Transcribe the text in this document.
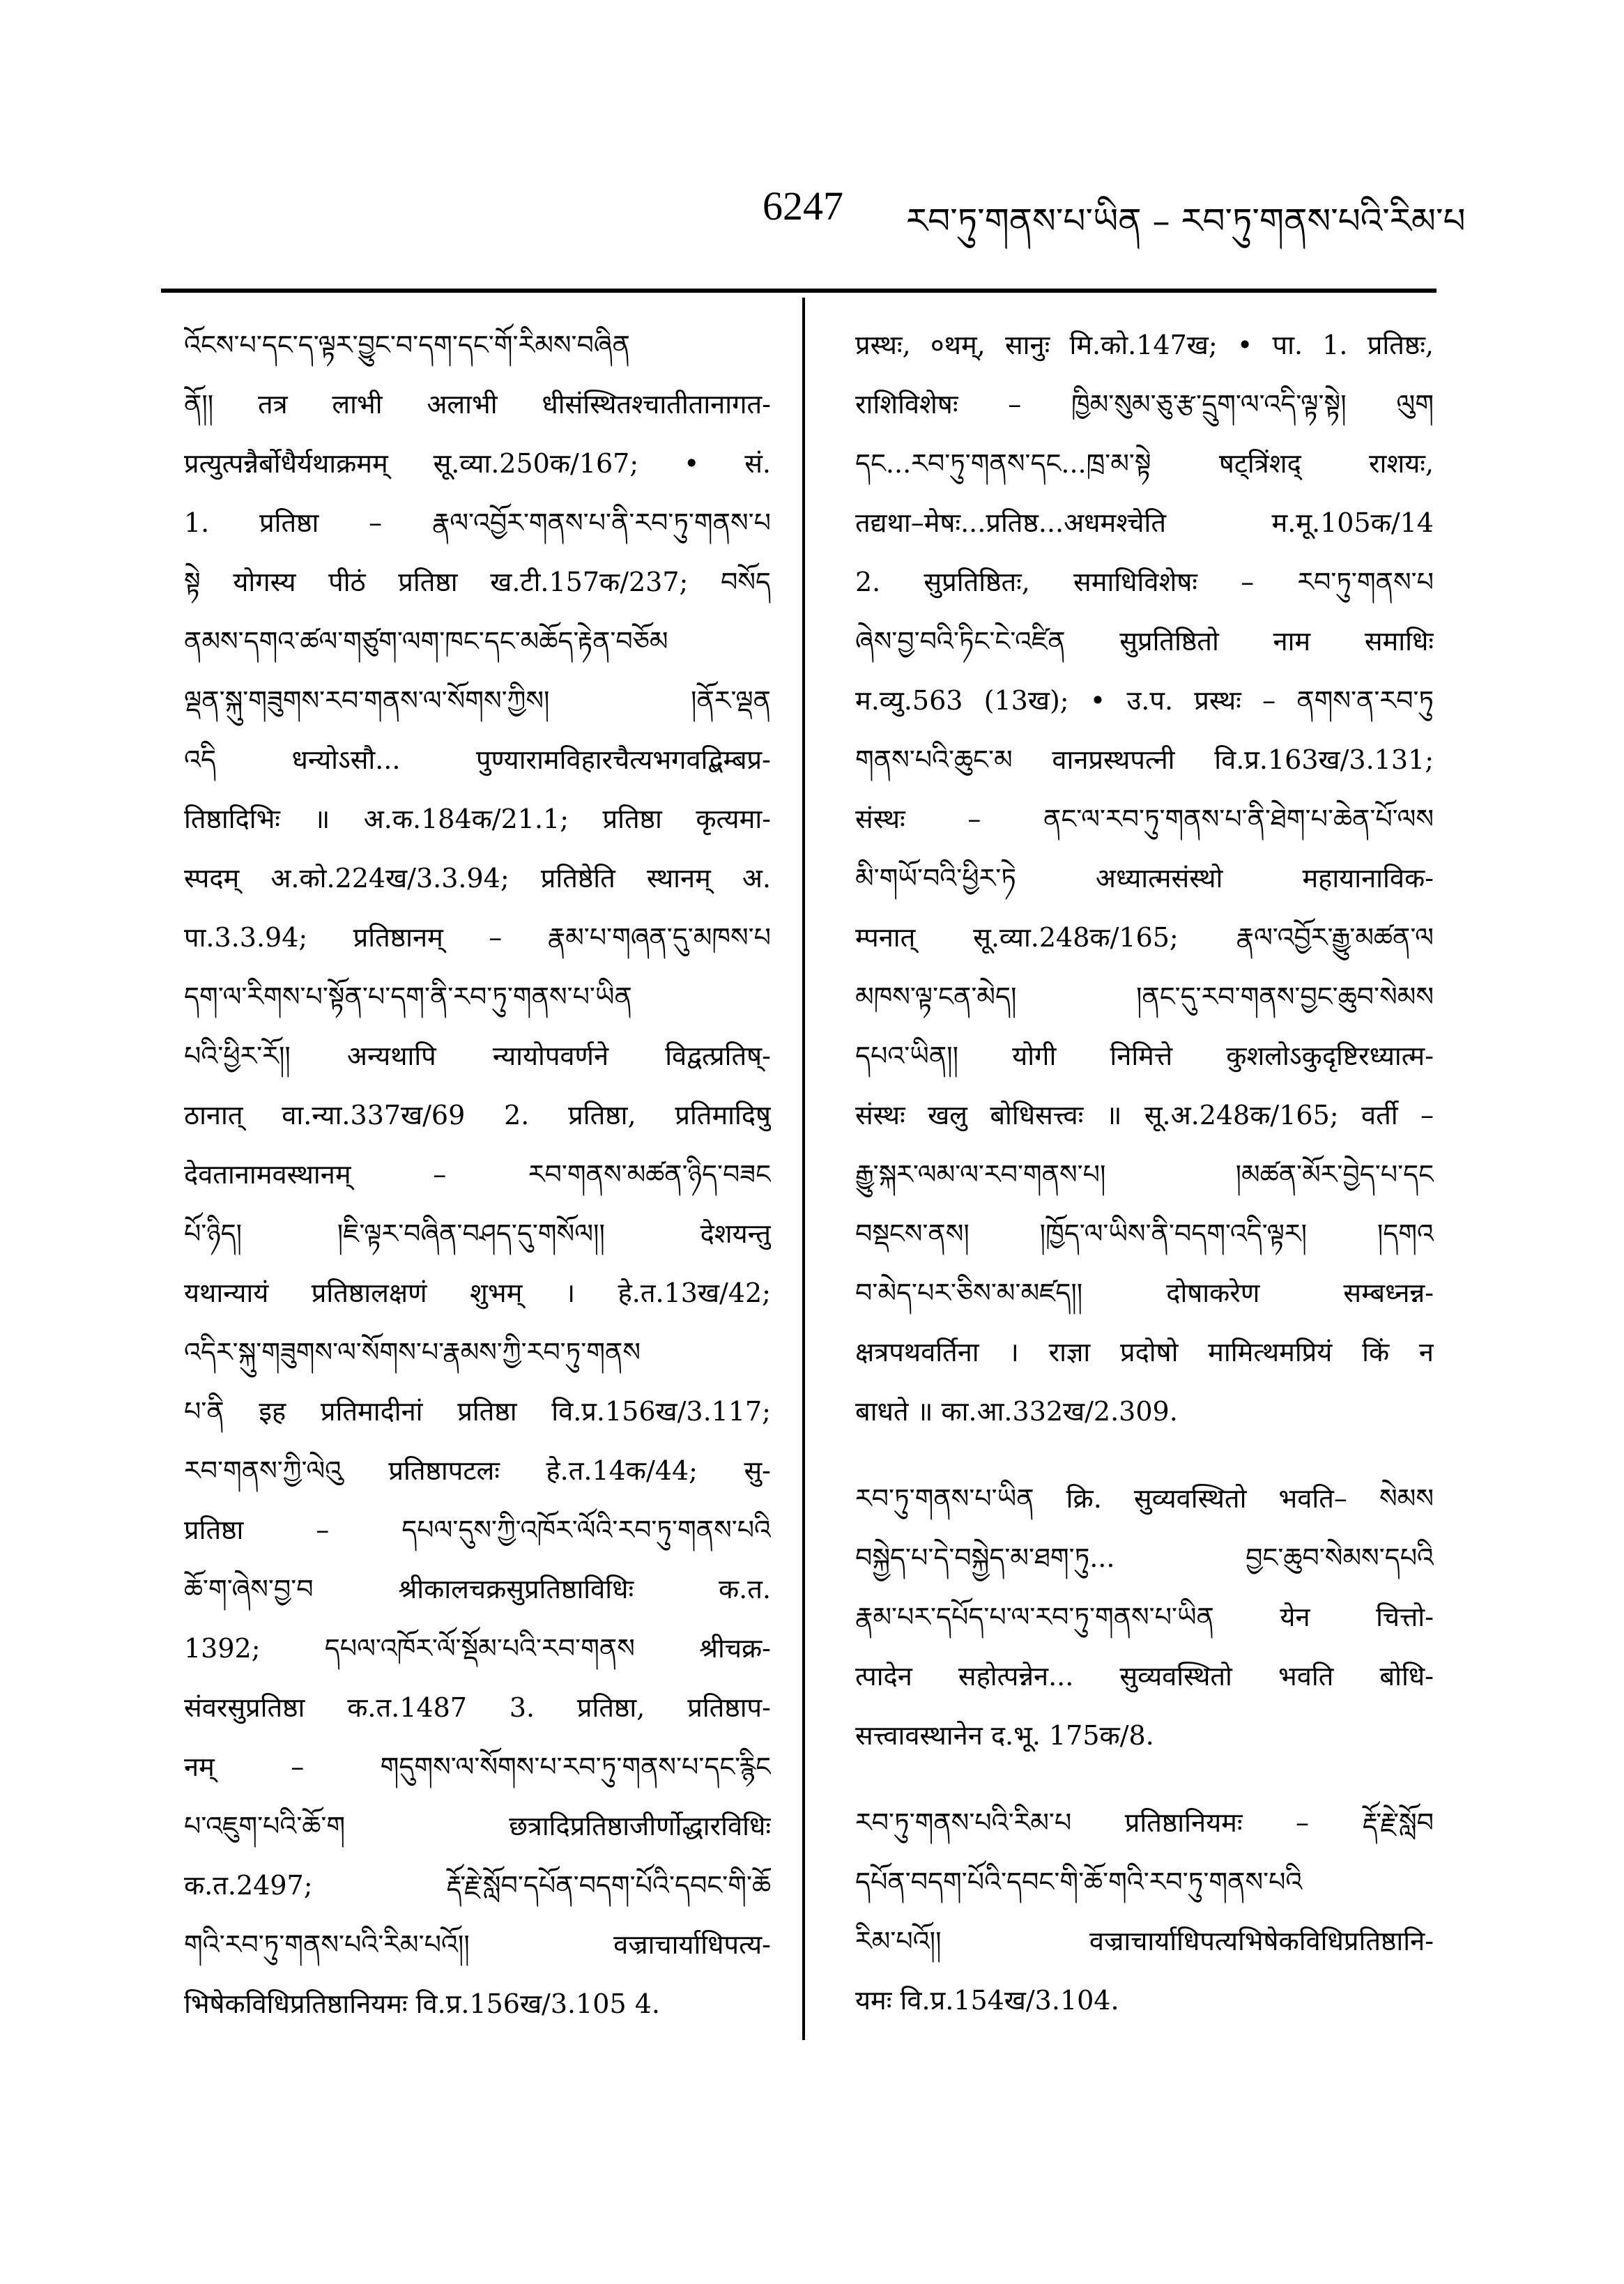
6247 རབ་ཏུ་གནས་པ་ཡིན – རབ་ཏུ་གནས་པའི་རིམ་པ
འོངས་པ་དང་ད་ལྟར་བྱུང་བ་དག་དང་གོ་རིམས་བཞིན
ནོ།། तत्र लाभी अलाभी धीसंस्थितश्चातीतानागत-
प्रत्युत्पन्नैर्बोधैर्यथाक्रमम् सू.व्या.250क/167; • सं.
1. प्रतिष्ठा – རྣལ་འབྱོར་གནས་པ་ནི་རབ་ཏུ་གནས་པ
སྟེ योगस्य पीठं प्रतिष्ठा ख.टी.157क/237; བསོད
ནམས་དགའ་ཚལ་གཙུག་ལག་ཁང་དང་མཆོད་རྟེན་བཅོམ
ལྡན་སྐུ་གཟུགས་རབ་གནས་ལ་སོགས་ཀྱིས། །ནོར་ལྡན
འདི धन्योऽसौ... पुण्यारामविहारचैत्यभगवद्बिम्बप्र-
तिष्ठादिभिः ॥ अ.क.184क/21.1; प्रतिष्ठा कृत्यमा-
स्पदम् अ.को.224ख/3.3.94; प्रतिष्ठेति स्थानम् अ.
पा.3.3.94; प्रतिष्ठानम् – རྣམ་པ་གཞན་དུ་མཁས་པ
དག་ལ་རིགས་པ་སྟོན་པ་དག་ནི་རབ་ཏུ་གནས་པ་ཡིན
པའི་ཕྱིར་རོ།། अन्यथापि न्यायोपवर्णने विद्वत्प्रतिष्-
ठानात् वा.न्या.337ख/69 2. प्रतिष्ठा, प्रतिमादिषु
देवतानामवस्थानम् – རབ་གནས་མཚན་ཉིད་བཟང
པོ་ཉིད། །ཇི་ལྟར་བཞིན་བཤད་དུ་གསོལ།། देशयन्तु
यथान्यायं प्रतिष्ठालक्षणं शुभम् । हे.त.13ख/42;
འདིར་སྐུ་གཟུགས་ལ་སོགས་པ་རྣམས་ཀྱི་རབ་ཏུ་གནས
པ་ནི इह प्रतिमादीनां प्रतिष्ठा वि.प्र.156ख/3.117;
རབ་གནས་ཀྱི་ལེའུ प्रतिष्ठापटलः हे.त.14क/44; सु-
प्रतिष्ठा – དཔལ་དུས་ཀྱི་འཁོར་ལོའི་རབ་ཏུ་གནས་པའི
ཆོ་ག་ཞེས་བྱ་བ श्रीकालचक्रसुप्रतिष्ठाविधिः क.त.
1392; དཔལ་འཁོར་ལོ་སྡོམ་པའི་རབ་གནས श्रीचक्र-
संवरसुप्रतिष्ठा क.त.1487 3. प्रतिष्ठा, प्रतिष्ठाप-
नम् – གདུགས་ལ་སོགས་པ་རབ་ཏུ་གནས་པ་དང་རྙིང
པ་འཇུག་པའི་ཆོ་ག छत्रादिप्रतिष्ठाजीर्णोद्धारविधिः
क.त.2497; རྡོ་རྗེ་སློབ་དཔོན་བདག་པོའི་དབང་གི་ཆོ
གའི་རབ་ཏུ་གནས་པའི་རིམ་པའོ།། वज्राचार्याधिपत्य-
भिषेकविधिप्रतिष्ठानियमः वि.प्र.156ख/3.105 4.
प्रस्थः, ०थम्, सानुः मि.को.147ख; • पा. 1. प्रतिष्ठः,
राशिविशेषः – ཁྱིམ་སུམ་ཅུ་རྩ་དྲུག་ལ་འདི་ལྟ་སྟེ། ལུག
དང...རབ་ཏུ་གནས་དང...ཁྲ་མ་སྟེ षट्त्रिंशद् राशयः,
तद्यथा–मेषः...प्रतिष्ठ...अधमश्चेति म.मू.105क/14
2. सुप्रतिष्ठितः, समाधिविशेषः – རབ་ཏུ་གནས་པ
ཞེས་བྱ་བའི་ཏིང་ངེ་འཛིན सुप्रतिष्ठितो नाम समाधिः
म.व्यु.563 (13ख); • उ.प. प्रस्थः – ནགས་ན་རབ་ཏུ
གནས་པའི་ཆུང་མ वानप्रस्थपत्नी वि.प्र.163ख/3.131;
संस्थः – ནང་ལ་རབ་ཏུ་གནས་པ་ནི་ཐེག་པ་ཆེན་པོ་ལས
མི་གཡོ་བའི་ཕྱིར་ཏེ अध्यात्मसंस्थो महायानाविक-
म्पनात् सू.व्या.248क/165; རྣལ་འབྱོར་རྒྱུ་མཚན་ལ
མཁས་ལྟ་ངན་མེད། །ནང་དུ་རབ་གནས་བྱང་ཆུབ་སེམས
དཔའ་ཡིན།། योगी निमित्ते कुशलोऽकुदृष्टिरध्यात्म-
संस्थः खलु बोधिसत्त्वः ॥ सू.अ.248क/165; वर्ती –
རྒྱུ་སྐར་ལམ་ལ་རབ་གནས་པ། །མཚན་མོར་བྱེད་པ་དང
བསྡངས་ནས། །ཁྱོད་ལ་ཡིས་ནི་བདག་འདི་ལྟར། །དགའ
བ་མེད་པར་ཅིས་མ་མཛད།། दोषाकरेण सम्बध्नन्न-
क्षत्रपथवर्तिना । राज्ञा प्रदोषो मामित्थमप्रियं किं न
बाधते ॥ का.आ.332ख/2.309.
རབ་ཏུ་གནས་པ་ཡིན क्रि. सुव्यवस्थितो भवति– སེམས
བསྐྱེད་པ་དེ་བསྐྱེད་མ་ཐག་ཏུ... བྱང་ཆུབ་སེམས་དཔའི
རྣམ་པར་དཔོད་པ་ལ་རབ་ཏུ་གནས་པ་ཡིན येन चित्तो-
त्पादेन सहोत्पन्नेन... सुव्यवस्थितो भवति बोधि-
सत्त्वावस्थानेन द.भू. 175क/8.
རབ་ཏུ་གནས་པའི་རིམ་པ प्रतिष्ठानियमः – རྡོ་རྗེ་སློབ
དཔོན་བདག་པོའི་དབང་གི་ཆོ་གའི་རབ་ཏུ་གནས་པའི
རིམ་པའོ།། वज्राचार्याधिपत्यभिषेकविधिप्रतिष्ठानि-
यमः वि.प्र.154ख/3.104.
